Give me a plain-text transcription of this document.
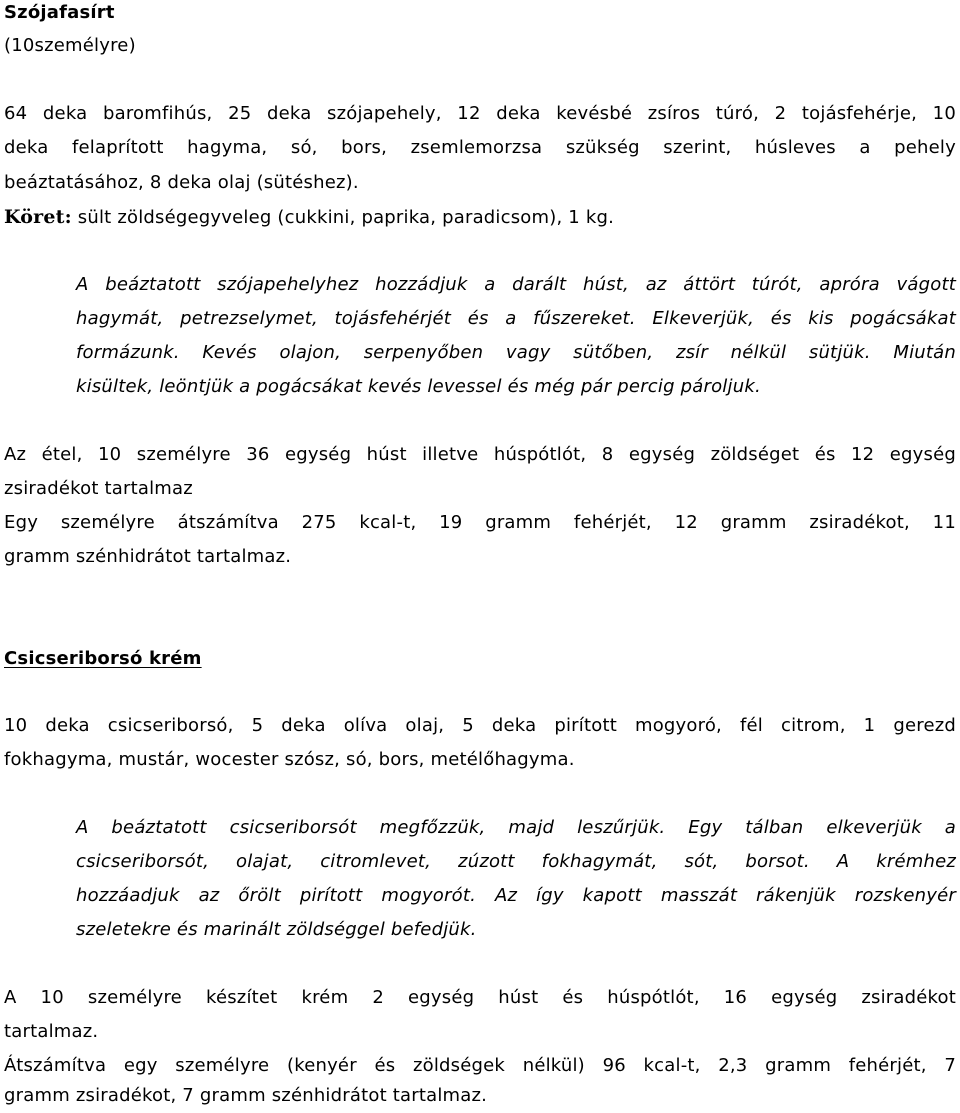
Szójafasírt
(10személyre)
64 deka baromfihús, 25 deka szójapehely, 12 deka kevésbé zsíros túró, 2 tojásfehérje, 10
deka felaprított hagyma, só, bors, zsemlemorzsa szükség szerint, húsleves a pehely
beáztatásához, 8 deka olaj (sütéshez).
Köret: sült zöldségegyveleg (cukkini, paprika, paradicsom), 1 kg.
A beáztatott szójapehelyhez hozzádjuk a darált húst, az áttört túrót, apróra vágott
hagymát, petrezselymet, tojásfehérjét és a fűszereket. Elkeverjük, és kis pogácsákat
formázunk. Kevés olajon, serpenyőben vagy sütőben, zsír nélkül sütjük. Miután
kisültek, leöntjük a pogácsákat kevés levessel és még pár percig pároljuk.
Az étel, 10 személyre 36 egység húst illetve húspótlót, 8 egység zöldséget és 12 egység
zsiradékot tartalmaz
Egy személyre átszámítva 275 kcal-t, 19 gramm fehérjét, 12 gramm zsiradékot, 11
gramm szénhidrátot tartalmaz.
Csicseriborsó krém
10 deka csicseriborsó, 5 deka olíva olaj, 5 deka pirított mogyoró, fél citrom, 1 gerezd
fokhagyma, mustár, wocester szósz, só, bors, metélőhagyma.
A beáztatott csicseriborsót megfőzzük, majd leszűrjük. Egy tálban elkeverjük a
csicseriborsót, olajat, citromlevet, zúzott fokhagymát, sót, borsot. A krémhez
hozzáadjuk az őrölt pirított mogyorót. Az így kapott masszát rákenjük rozskenyér
szeletekre és marinált zöldséggel befedjük.
A 10 személyre készítet krém 2 egység húst és húspótlót, 16 egység zsiradékot
tartalmaz.
Átszámítva egy személyre (kenyér és zöldségek nélkül) 96 kcal-t, 2,3 gramm fehérjét, 7
gramm zsiradékot, 7 gramm szénhidrátot tartalmaz.
